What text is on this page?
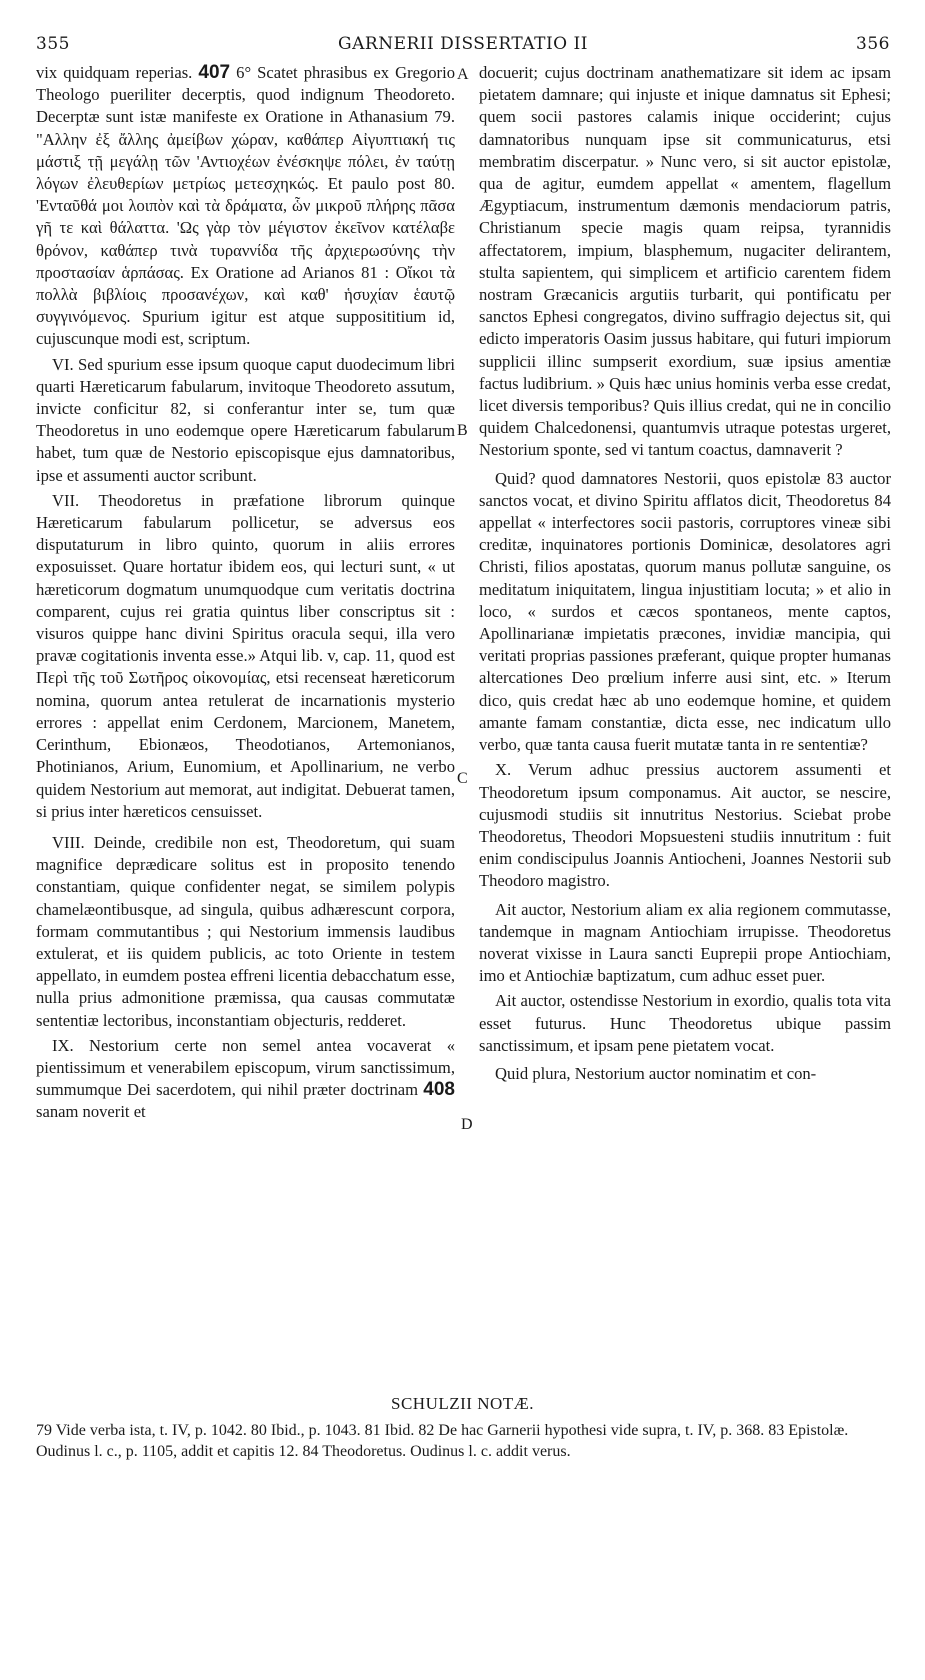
355	GARNERII DISSERTATIO II	356

vix quidquam reperias. 407 6° Scatet phrasibus ex Gregorio Theologo pueriliter decerptis, quod indignum Theodoreto. Decerptæ sunt istæ manifeste ex Oratione in Athanasium 79. "Αλλην ἐξ ἄλλης ἀμείβων χώραν, καθάπερ Αἰγυπτιακή τις μάστιξ τῇ μεγάλῃ τῶν 'Αντιοχέων ἐνέσκηψε πόλει, ἐν ταύτῃ λόγων ἐλευθερίων μετρίως μετεσχηκώς. Et paulo post 80. 'Ενταῦθά μοι λοιπὸν καὶ τὰ δράματα, ὧν μικροῦ πλήρης πᾶσα γῆ τε καὶ θάλαττα. 'Ως γὰρ τὸν μέγιστον ἐκεῖνον κατέλαβε θρόνον, καθάπερ τινὰ τυραννίδα τῆς ἀρχιερωσύνης τὴν προστασίαν ἁρπάσας. Ex Oratione ad Arianos 81 : Οἴκοι τὰ πολλὰ βιβλίοις προσανέχων, καὶ καθ' ἡσυχίαν ἑαυτῷ συγγινόμενος. Spurium igitur est atque supposititium id, cujuscunque modi est, scriptum.

VI. Sed spurium esse ipsum quoque caput duodecimum libri quarti Hæreticarum fabularum, invitoque Theodoreto assutum, invicte conficitur 82, si conferantur inter se, tum quæ Theodoretus in uno eodemque opere Hæreticarum fabularum habet, tum quæ de Nestorio episcopisque ejus damnatoribus, ipse et assumenti auctor scribunt.

VII. Theodoretus in præfatione librorum quinque Hæreticarum fabularum pollicetur, se adversus eos disputaturum in libro quinto, quorum in aliis errores exposuisset. Quare hortatur ibidem eos, qui lecturi sunt, « ut hæreticorum dogmatum unumquodque cum veritatis doctrina comparent, cujus rei gratia quintus liber conscriptus sit : visuros quippe hanc divini Spiritus oracula sequi, illa vero pravæ cogitationis inventa esse.» Atqui lib. v, cap. 11, quod est Περὶ τῆς τοῦ Σωτῆρος οἰκονομίας, etsi recenseat hæreticorum nomina, quorum antea retulerat de incarnationis mysterio errores : appellat enim Cerdonem, Marcionem, Manetem, Cerinthum, Ebionæos, Theodotianos, Artemonianos, Photinianos, Arium, Eunomium, et Apollinarium, ne verbo quidem Nestorium aut memorat, aut indigitat. Debuerat tamen, si prius inter hæreticos censuisset.

VIII. Deinde, credibile non est, Theodoretum, qui suam magnifice deprædicare solitus est in proposito tenendo constantiam, quique confidenter negat, se similem polypis chamelæontibusque, ad singula, quibus adhærescunt corpora, formam commutantibus ; qui Nestorium immensis laudibus extulerat, et iis quidem publicis, ac toto Oriente in testem appellato, in eumdem postea effreni licentia debacchatum esse, nulla prius admonitione præmissa, qua causas commutatæ sententiæ lectoribus, inconstantiam objecturis, redderet.

IX. Nestorium certe non semel antea vocaverat « pientissimum et venerabilem episcopum, virum sanctissimum, summumque Dei sacerdotem, qui nihil præter doctrinam 408 sanam noverit et

A
B
C
D

docuerit; cujus doctrinam anathematizare sit idem ac ipsam pietatem damnare; qui injuste et inique damnatus sit Ephesi; quem socii pastores calamis inique occiderint; cujus damnatoribus nunquam ipse sit communicaturus, etsi membratim discerpatur. » Nunc vero, si sit auctor epistolæ, qua de agitur, eumdem appellat « amentem, flagellum Ægyptiacum, instrumentum dæmonis mendaciorum patris, Christianum specie magis quam reipsa, tyrannidis affectatorem, impium, blasphemum, nugaciter delirantem, stulta sapientem, qui simplicem et artificio carentem fidem nostram Græcanicis argutiis turbarit, qui pontificatu per sanctos Ephesi congregatos, divino suffragio dejectus sit, qui edicto imperatoris Oasim jussus habitare, qui futuri impiorum supplicii illinc sumpserit exordium, suæ ipsius amentiæ factus ludibrium. » Quis hæc unius hominis verba esse credat, licet diversis temporibus? Quis illius credat, qui ne in concilio quidem Chalcedonensi, quantumvis utraque potestas urgeret, Nestorium sponte, sed vi tantum coactus, damnaverit ?

Quid? quod damnatores Nestorii, quos epistolæ 83 auctor sanctos vocat, et divino Spiritu afflatos dicit, Theodoretus 84 appellat « interfectores socii pastoris, corruptores vineæ sibi creditæ, inquinatores portionis Dominicæ, desolatores agri Christi, filios apostatas, quorum manus pollutæ sanguine, os meditatum iniquitatem, lingua injustitiam locuta; » et alio in loco, « surdos et cæcos spontaneos, mente captos, Apollinarianæ impietatis præcones, invidiæ mancipia, qui veritati proprias passiones præferant, quique propter humanas altercationes Deo prœlium inferre ausi sint, etc. » Iterum dico, quis credat hæc ab uno eodemque homine, et quidem amante famam constantiæ, dicta esse, nec indicatum ullo verbo, quæ tanta causa fuerit mutatæ tanta in re sententiæ?

X. Verum adhuc pressius auctorem assumenti et Theodoretum ipsum componamus. Ait auctor, se nescire, cujusmodi studiis sit innutritus Nestorius. Sciebat probe Theodoretus, Theodori Mopsuesteni studiis innutritum : fuit enim condiscipulus Joannis Antiocheni, Joannes Nestorii sub Theodoro magistro.

Ait auctor, Nestorium aliam ex alia regionem commutasse, tandemque in magnam Antiochiam irrupisse. Theodoretus noverat vixisse in Laura sancti Euprepii prope Antiochiam, imo et Antiochiæ baptizatum, cum adhuc esset puer.

Ait auctor, ostendisse Nestorium in exordio, qualis tota vita esset futurus. Hunc Theodoretus ubique passim sanctissimum, et ipsam pene pietatem vocat.

Quid plura, Nestorium auctor nominatim et con-

SCHULZII NOTÆ.

79 Vide verba ista, t. IV, p. 1042. 80 Ibid., p. 1043. 81 Ibid. 82 De hac Garnerii hypothesi vide supra, t. IV, p. 368. 83 Epistolæ. Oudinus l. c., p. 1105, addit et capitis 12. 84 Theodoretus. Oudinus l. c. addit verus.
